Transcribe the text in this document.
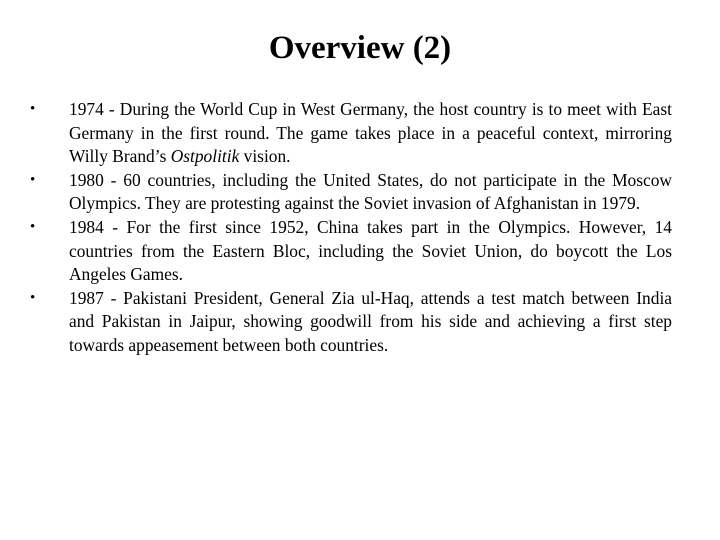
Overview (2)
•	1974 - During the World Cup in West Germany, the host country is to meet with East Germany in the first round. The game takes place in a peaceful context, mirroring Willy Brand’s Ostpolitik vision.
•	1980 - 60 countries, including the United States, do not participate in the Moscow Olympics. They are protesting against the Soviet invasion of Afghanistan in 1979.
•	1984 - For the first since 1952, China takes part in the Olympics. However, 14 countries from the Eastern Bloc, including the Soviet Union, do boycott the Los Angeles Games.
•	1987 - Pakistani President, General Zia ul-Haq, attends a test match between India and Pakistan in Jaipur, showing goodwill from his side and achieving a first step towards appeasement between both countries.
